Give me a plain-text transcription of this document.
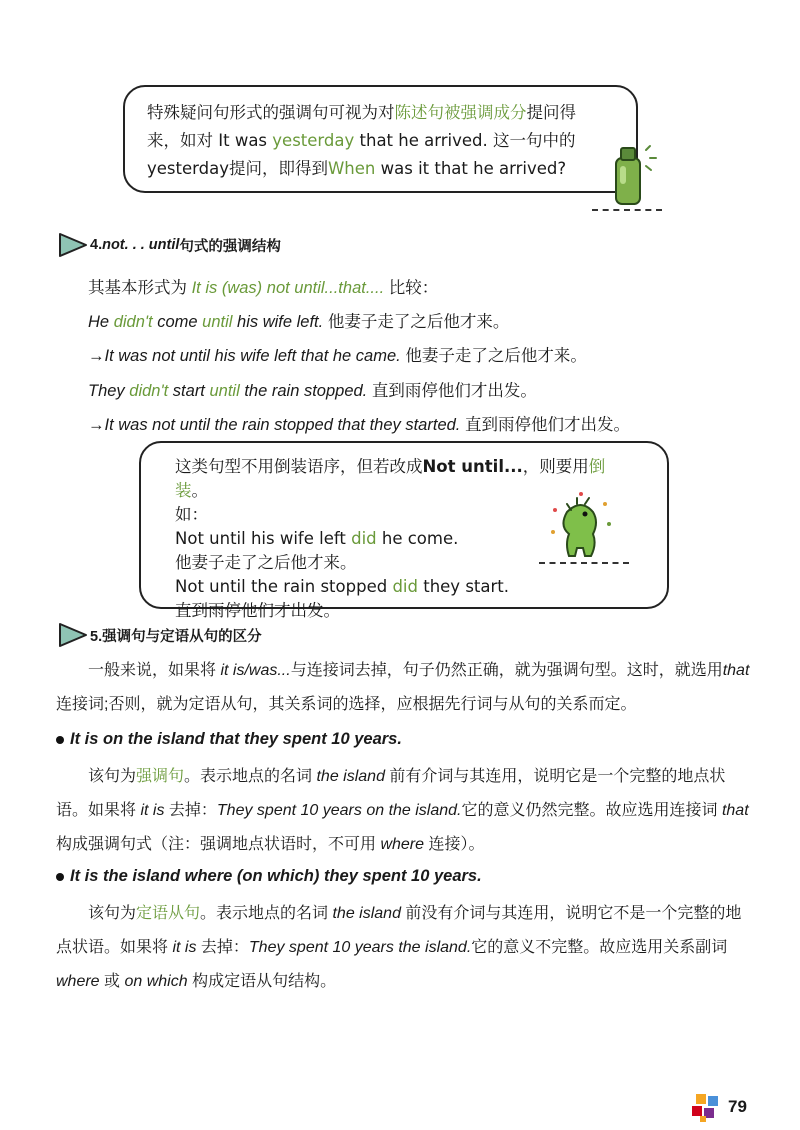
特殊疑问句形式的强调句可视为对陈述句被强调成分提问得
来，如对 It was yesterday that he arrived. 这一句中的
yesterday提问，即得到When was it that he arrived?
4. not. . . until 句式的强调结构
其基本形式为 It is (was) not until...that.... 比较：
He didn't come until his wife left. 他妻子走了之后他才来。
→It was not until his wife left that he came. 他妻子走了之后他才来。
They didn't start until the rain stopped. 直到雨停他们才出发。
→It was not until the rain stopped that they started. 直到雨停他们才出发。
这类句型不用倒装语序，但若改成Not until...，则要用倒装。
如：
Not until his wife left did he come.
他妻子走了之后他才来。
Not until the rain stopped did they start.
直到雨停他们才出发。
5.强调句与定语从句的区分
一般来说，如果将 it is/was...与连接词去掉，句子仍然正确，就为强调句型。这时，就选用that 连接词;否则，就为定语从句，其关系词的选择，应根据先行词与从句的关系而定。
It is on the island that they spent 10 years.
该句为强调句。表示地点的名词 the island 前有介词与其连用，说明它是一个完整的地点状语。如果将 it is 去掉：They spent 10 years on the island.它的意义仍然完整。故应选用连接词 that 构成强调句式（注：强调地点状语时，不可用 where 连接）。
It is the island where (on which) they spent 10 years.
该句为定语从句。表示地点的名词 the island 前没有介词与其连用，说明它不是一个完整的地点状语。如果将 it is 去掉：They spent 10 years the island.它的意义不完整。故应选用关系副词 where 或 on which 构成定语从句结构。
79
